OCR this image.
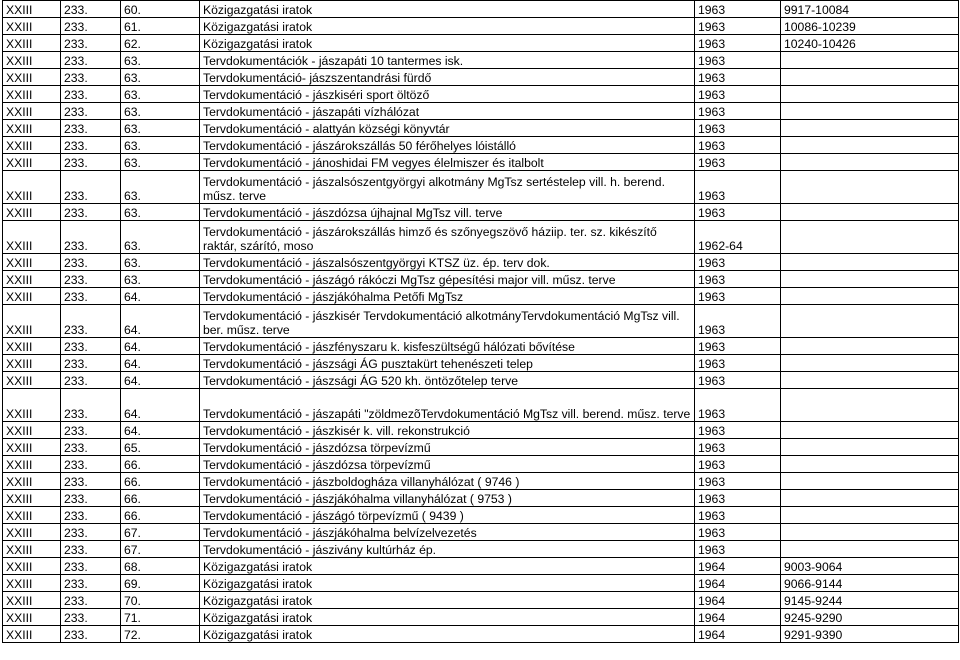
XXIII	233.	60.	Közigazgatási iratok	1963	9917-10084
XXIII	233.	61.	Közigazgatási iratok	1963	10086-10239
XXIII	233.	62.	Közigazgatási iratok	1963	10240-10426
XXIII	233.	63.	Tervdokumentációk - jászapáti 10 tantermes isk.	1963	
XXIII	233.	63.	Tervdokumentáció- jászszentandrási fürdő	1963	
XXIII	233.	63.	Tervdokumentáció - jászkiséri sport öltöző	1963	
XXIII	233.	63.	Tervdokumentáció - jászapáti vízhálózat	1963	
XXIII	233.	63.	Tervdokumentáció - alattyán községi könyvtár	1963	
XXIII	233.	63.	Tervdokumentáció - jászárokszállás 50 férőhelyes lóistálló	1963	
XXIII	233.	63.	Tervdokumentáció - jánoshidai FM vegyes élelmiszer és italbolt	1963	
XXIII	233.	63.	Tervdokumentáció - jászalsószentgyörgyi alkotmány MgTsz sertéstelep vill. h. berend. műsz. terve	1963	
XXIII	233.	63.	Tervdokumentáció - jászdózsa újhajnal MgTsz vill. terve	1963	
XXIII	233.	63.	Tervdokumentáció - jászárokszállás himző és szőnyegszövő háziip. ter. sz. kikészítő raktár, szárító, moso	1962-64	
XXIII	233.	63.	Tervdokumentáció - jászalsószentgyörgyi KTSZ üz. ép. terv dok.	1963	
XXIII	233.	63.	Tervdokumentáció - jászágó rákóczi MgTsz gépesítési major vill. műsz. terve	1963	
XXIII	233.	64.	Tervdokumentáció - jászjákóhalma Petőfi MgTsz	1963	
XXIII	233.	64.	Tervdokumentáció - jászkisér Tervdokumentáció alkotmányTervdokumentáció MgTsz vill. ber. műsz. terve	1963	
XXIII	233.	64.	Tervdokumentáció - jászfényszaru k. kisfeszültségű hálózati bővítése	1963	
XXIII	233.	64.	Tervdokumentáció - jászsági ÁG pusztakürt tehenészeti telep	1963	
XXIII	233.	64.	Tervdokumentáció - jászsági ÁG 520 kh. öntözőtelep terve	1963	
XXIII	233.	64.	Tervdokumentáció - jászapáti "zöldmezõTervdokumentáció MgTsz vill. berend. műsz. terve	1963	
XXIII	233.	64.	Tervdokumentáció - jászkisér k. vill. rekonstrukció	1963	
XXIII	233.	65.	Tervdokumentáció - jászdózsa törpevízmű	1963	
XXIII	233.	66.	Tervdokumentáció - jászdózsa törpevízmű	1963	
XXIII	233.	66.	Tervdokumentáció - jászboldogháza villanyhálózat ( 9746 )	1963	
XXIII	233.	66.	Tervdokumentáció - jászjákóhalma villanyhálózat ( 9753 )	1963	
XXIII	233.	66.	Tervdokumentáció - jászágó törpevízmű ( 9439 )	1963	
XXIII	233.	67.	Tervdokumentáció - jászjákóhalma belvízelvezetés	1963	
XXIII	233.	67.	Tervdokumentáció - jászivány kultúrház ép.	1963	
XXIII	233.	68.	Közigazgatási iratok	1964	9003-9064
XXIII	233.	69.	Közigazgatási iratok	1964	9066-9144
XXIII	233.	70.	Közigazgatási iratok	1964	9145-9244
XXIII	233.	71.	Közigazgatási iratok	1964	9245-9290
XXIII	233.	72.	Közigazgatási iratok	1964	9291-9390
